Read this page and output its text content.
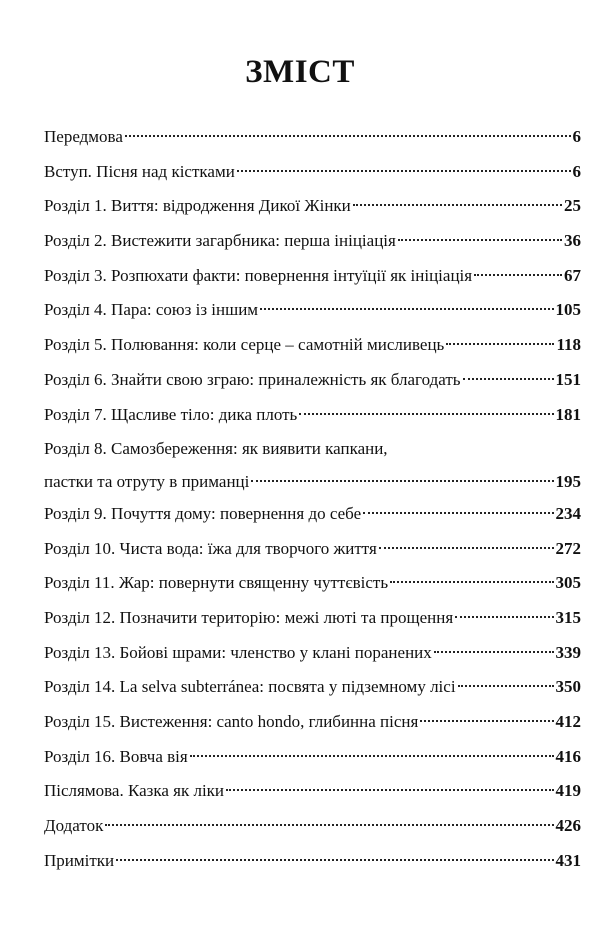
ЗМІСТ
Передмова	6
Вступ. Пісня над кістками	6
Розділ 1. Виття: відродження Дикої Жінки	25
Розділ 2. Вистежити загарбника: перша ініціація	36
Розділ 3. Розпюхати факти: повернення інтуїції як ініціація	67
Розділ 4. Пара: союз із іншим	105
Розділ 5. Полювання: коли серце – самотній мисливець	118
Розділ 6. Знайти свою зграю: приналежність як благодать	151
Розділ 7. Щасливе тіло: дика плоть	181
Розділ 8. Самозбереження: як виявити капкани,
пастки та отруту в приманці	195
Розділ 9. Почуття дому: повернення до себе	234
Розділ 10. Чиста вода: їжа для творчого життя	272
Розділ 11. Жар: повернути священну чуттєвість	305
Розділ 12. Позначити територію: межі люті та прощення	315
Розділ 13. Бойові шрами: членство у клані поранених	339
Розділ 14. La selva subterránea: посвята у підземному лісі	350
Розділ 15. Вистеження: canto hondo, глибинна пісня	412
Розділ 16. Вовча вія	416
Післямова. Казка як ліки	419
Додаток	426
Примітки	431
